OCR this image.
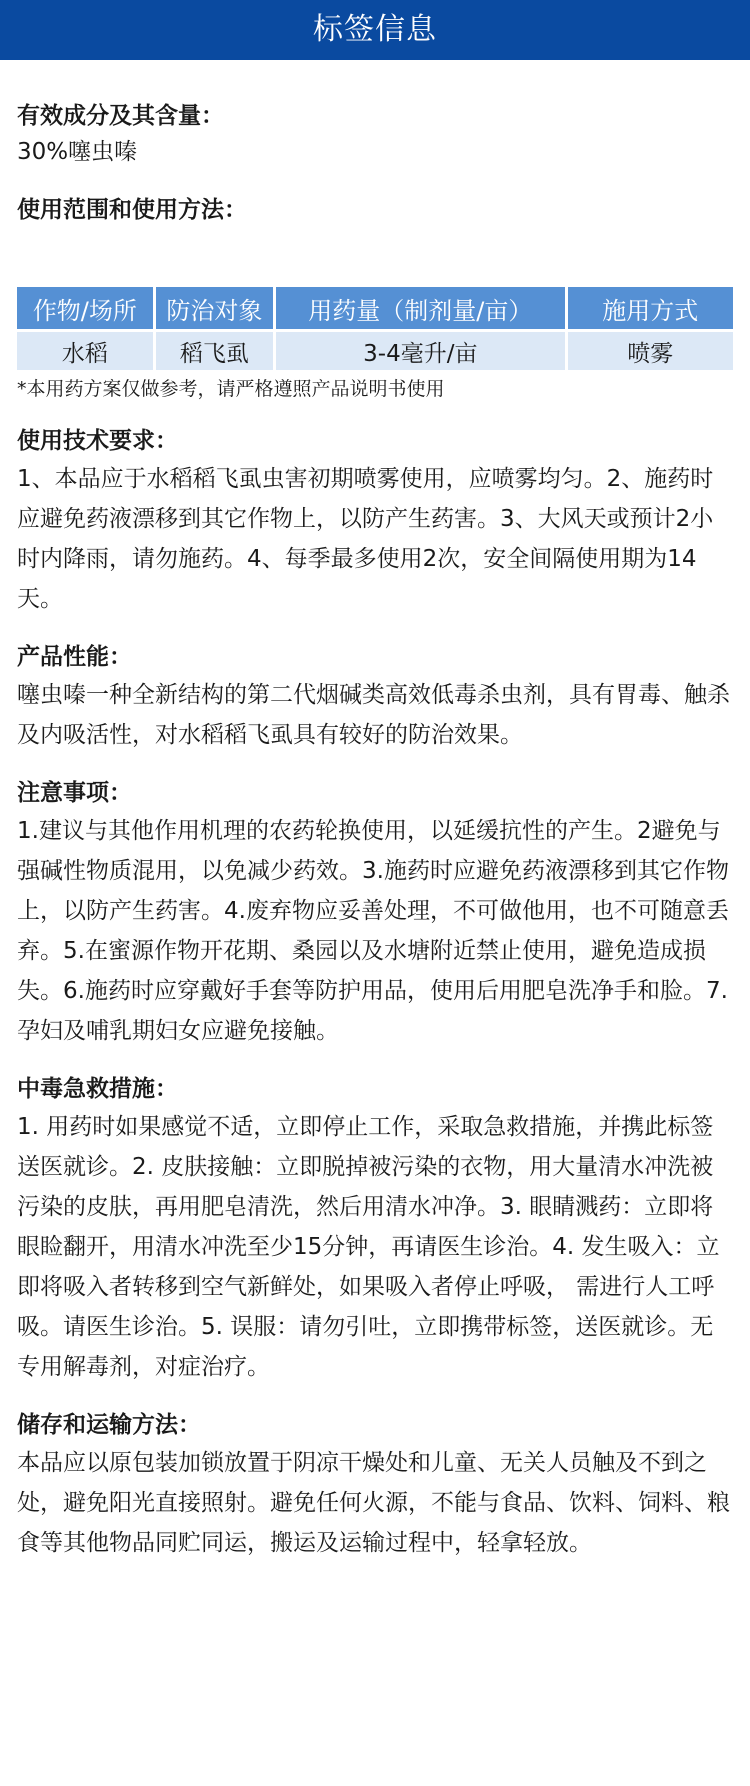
标签信息

有效成分及其含量：

30%噻虫嗪

使用范围和使用方法：

作物/场所	防治对象	用药量（制剂量/亩）	施用方式
水稻	稻飞虱	3-4毫升/亩	喷雾

*本用药方案仅做参考，请严格遵照产品说明书使用

使用技术要求：

1、本品应于水稻稻飞虱虫害初期喷雾使用，应喷雾均匀。2、施药时应避免药液漂移到其它作物上，以防产生药害。3、大风天或预计2小时内降雨，请勿施药。4、每季最多使用2次，安全间隔使用期为14天。

产品性能：

噻虫嗪一种全新结构的第二代烟碱类高效低毒杀虫剂，具有胃毒、触杀及内吸活性，对水稻稻飞虱具有较好的防治效果。

注意事项：

1.建议与其他作用机理的农药轮换使用，以延缓抗性的产生。2避免与强碱性物质混用，以免减少药效。3.施药时应避免药液漂移到其它作物上，以防产生药害。4.废弃物应妥善处理，不可做他用，也不可随意丢弃。5.在蜜源作物开花期、桑园以及水塘附近禁止使用，避免造成损失。6.施药时应穿戴好手套等防护用品，使用后用肥皂洗净手和脸。7.孕妇及哺乳期妇女应避免接触。

中毒急救措施：

1. 用药时如果感觉不适，立即停止工作，采取急救措施，并携此标签送医就诊。2. 皮肤接触：立即脱掉被污染的衣物，用大量清水冲洗被污染的皮肤，再用肥皂清洗，然后用清水冲净。3. 眼睛溅药：立即将眼睑翻开，用清水冲洗至少15分钟，再请医生诊治。4. 发生吸入：立即将吸入者转移到空气新鲜处，如果吸入者停止呼吸， 需进行人工呼吸。请医生诊治。5. 误服：请勿引吐，立即携带标签，送医就诊。无专用解毒剂，对症治疗。

储存和运输方法：

本品应以原包装加锁放置于阴凉干燥处和儿童、无关人员触及不到之处，避免阳光直接照射。避免任何火源，不能与食品、饮料、饲料、粮食等其他物品同贮同运，搬运及运输过程中，轻拿轻放。
